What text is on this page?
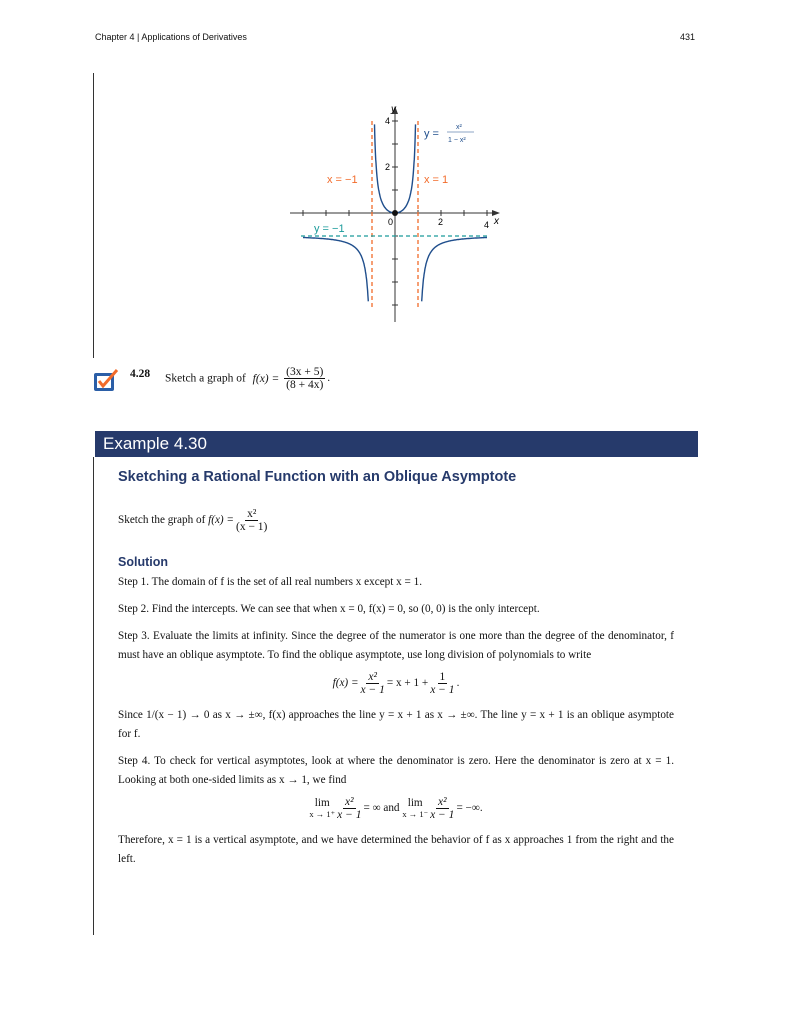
Chapter 4 | Applications of Derivatives	431
y
x
0	2	4
2
4
x = −1	x = 1
y = −1
y =
x²
1 − x²
4.28 Sketch a graph of $f(x) = \frac{(3x + 5)}{(8 + 4x)}$ .
Example 4.30
Sketching a Rational Function with an Oblique Asymptote
Sketch the graph of $f(x) = \frac{\text{x²}}{(x - 1)}$
Solution
Step 1. The domain of f is the set of all real numbers x except x = 1.
Step 2. Find the intercepts. We can see that when x = 0, f(x) = 0, so (0, 0) is the only intercept.
Step 3. Evaluate the limits at infinity. Since the degree of the numerator is one more than the degree of the denominator, f must have an oblique asymptote. To find the oblique asymptote, use long division of polynomials to write
$f(x) = \frac{\text{x²}}{x - 1} = x + 1 + \frac{1}{x - 1}$ .
Since 1/(x − 1) → 0 as x → ±∞, f(x) approaches the line y = x + 1 as x → ±∞. The line y = x + 1 is an oblique asymptote for f.
Step 4. To check for vertical asymptotes, look at where the denominator is zero. Here the denominator is zero at x = 1. Looking at both one-sided limits as x → 1, we find
lim
$x \to 1^+ \frac{\text{x²}}{x - 1}$ = ∞ and lim
$x \to 1^- \frac{\text{x²}}{x - 1}$ = −∞.
Therefore, x = 1 is a vertical asymptote, and we have determined the behavior of f as x approaches 1 from the right and the left.
